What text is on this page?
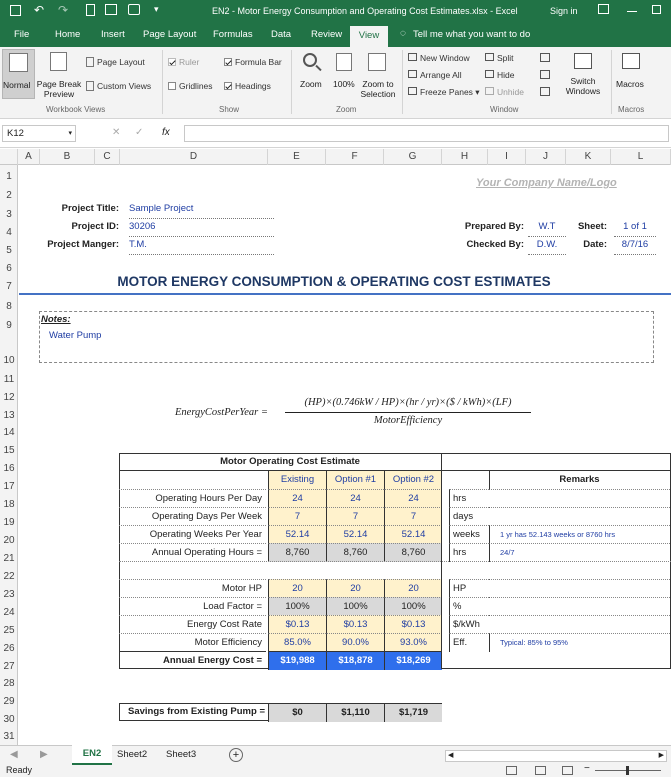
↶ ↷	▾	EN2 - Motor Energy Consumption and Operating Cost Estimates.xlsx - Excel	Sign in
File	Home Insert Page Layout Formulas Data Review	View	◌ Tell me what you want to do
Normal Page Break Preview
Page Layout
Custom Views
Workbook Views
Ruler	Formula Bar
Gridlines	Headings
Show
Zoom 100% Zoom to Selection
Zoom
New Window
Arrange All
Freeze Panes ▾
Split
Hide
Unhide
Switch Windows
Window
Macros
Macros
K12	▾	✕ ✓ fx
A	B	C	D	E	F	G	H	I	J	K	L
1
2
3
4
5
6
7
8
9
10
11
12
13
14
15
16
17
18
19
20
21
22
23
24
25
26
27
28
29
30
31
Your Company Name/Logo
Project Title: Sample Project
Project ID: 30206
Project Manger: T.M.
Prepared By:	W.T	Sheet:	1 of 1
Checked By:	D.W.	Date:	8/7/16
MOTOR ENERGY CONSUMPTION & OPERATING COST ESTIMATES
Notes:
Water Pump
EnergyCostPerYear =
(HP)×(0.746kW / HP)×(hr / yr)×($ / kWh)×(LF)
MotorEfficiency
Motor Operating Cost Estimate
Existing	Option #1	Option #2	Remarks
Operating Hours Per Day	24	24	24	hrs
Operating Days Per Week	7	7	7	days
Operating Weeks Per Year	52.14	52.14	52.14	weeks	1 yr has 52.143 weeks or 8760 hrs
Annual Operating Hours =	8,760	8,760	8,760	hrs	24/7
Motor HP	20	20	20	HP
Load Factor =	100%	100%	100%	%
Energy Cost Rate	$0.13	$0.13	$0.13	$/kWh
Motor Efficiency	85.0%	90.0%	93.0%	Eff.	Typical: 85% to 95%
Annual Energy Cost =	$19,988	$18,878	$18,269
Savings from Existing Pump =	$0	$1,110	$1,719
◀ ▶	EN2	Sheet2 Sheet3	+	◀	▶
Ready	−
